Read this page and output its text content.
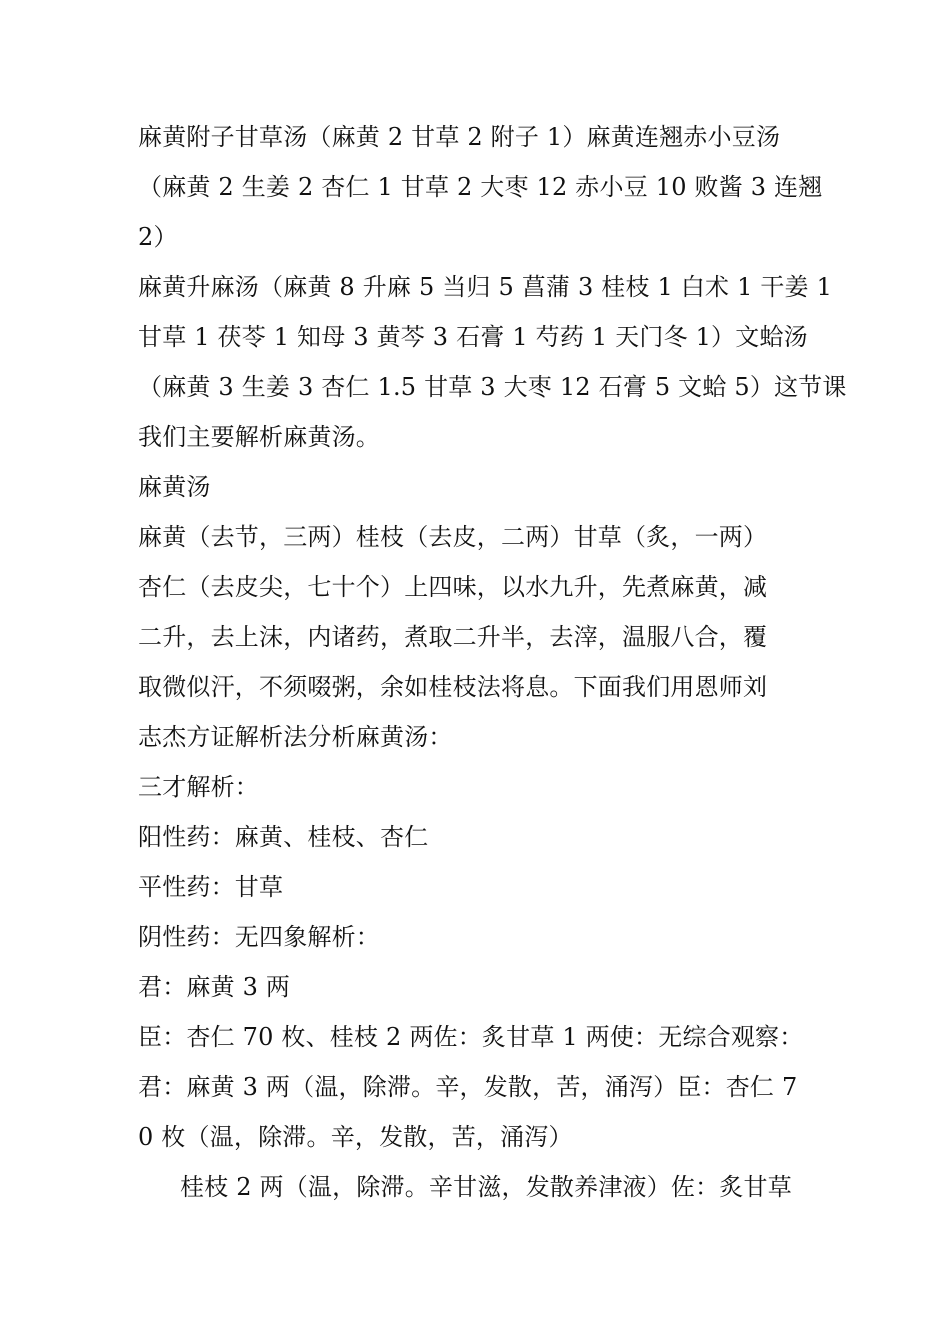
麻黄附子甘草汤（麻黄 2 甘草 2 附子 1）麻黄连翘赤小豆汤
（麻黄 2 生姜 2 杏仁 1 甘草 2 大枣 12 赤小豆 10 败酱 3 连翘
2）
麻黄升麻汤（麻黄 8 升麻 5 当归 5 菖蒲 3 桂枝 1 白术 1 干姜 1
甘草 1 茯苓 1 知母 3 黄芩 3 石膏 1 芍药 1 天门冬 1）文蛤汤
（麻黄 3 生姜 3 杏仁 1.5 甘草 3 大枣 12 石膏 5 文蛤 5）这节课
我们主要解析麻黄汤。
麻黄汤
麻黄（去节，三两）桂枝（去皮，二两）甘草（炙，一两）
杏仁（去皮尖，七十个）上四味，以水九升，先煮麻黄，减
二升，去上沫，内诸药，煮取二升半，去滓，温服八合，覆
取微似汗，不须啜粥，余如桂枝法将息。下面我们用恩师刘
志杰方证解析法分析麻黄汤：
三才解析：
阳性药：麻黄、桂枝、杏仁
平性药：甘草
阴性药：无四象解析：
君：麻黄 3 两
臣：杏仁 70 枚、桂枝 2 两佐：炙甘草 1 两使：无综合观察：
君：麻黄 3 两（温，除滞。辛，发散，苦，涌泻）臣：杏仁 7
0 枚（温，除滞。辛，发散，苦，涌泻）
桂枝 2 两（温，除滞。辛甘滋，发散养津液）佐：炙甘草
